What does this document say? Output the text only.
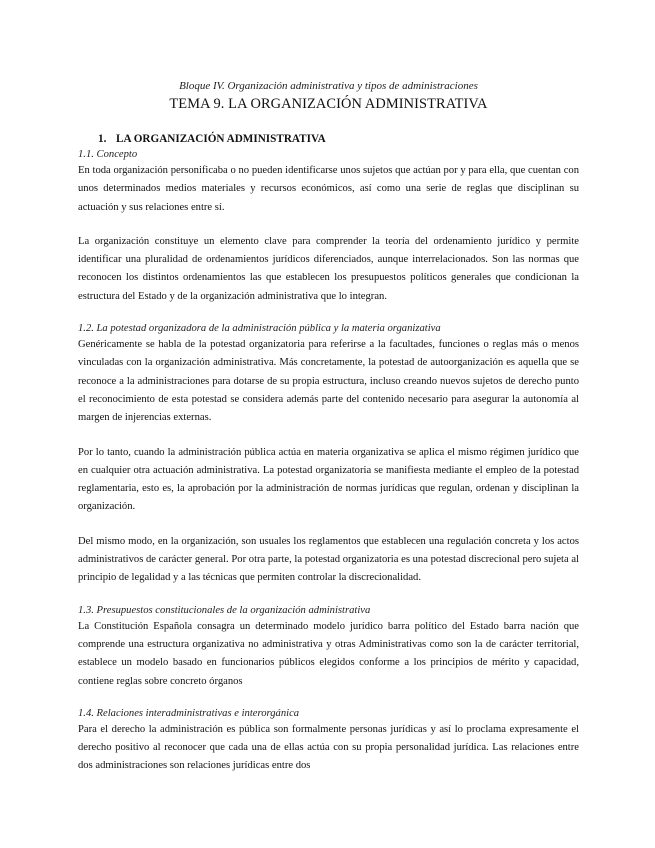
Bloque IV. Organización administrativa y tipos de administraciones
TEMA 9. LA ORGANIZACIÓN ADMINISTRATIVA
1. LA ORGANIZACIÓN ADMINISTRATIVA
1.1. Concepto

En toda organización personificaba o no pueden identificarse unos sujetos que actúan por y para ella, que cuentan con unos determinados medios materiales y recursos económicos, así como una serie de reglas que disciplinan su actuación y sus relaciones entre sí.

La organización constituye un elemento clave para comprender la teoría del ordenamiento jurídico y permite identificar una pluralidad de ordenamientos jurídicos diferenciados, aunque interrelacionados. Son las normas que reconocen los distintos ordenamientos las que establecen los presupuestos políticos generales que condicionan la estructura del Estado y de la organización administrativa que lo integran.

1.2. La potestad organizadora de la administración pública y la materia organizativa

Genéricamente se habla de la potestad organizatoria para referirse a la facultades, funciones o reglas más o menos vinculadas con la organización administrativa. Más concretamente, la potestad de autoorganización es aquella que se reconoce a la administraciones para dotarse de su propia estructura, incluso creando nuevos sujetos de derecho punto el reconocimiento de esta potestad se considera además parte del contenido necesario para asegurar la autonomía al margen de injerencias externas.

Por lo tanto, cuando la administración pública actúa en materia organizativa se aplica el mismo régimen jurídico que en cualquier otra actuación administrativa. La potestad organizatoria se manifiesta mediante el empleo de la potestad reglamentaria, esto es, la aprobación por la administración de normas jurídicas que regulan, ordenan y disciplinan la organización.

Del mismo modo, en la organización, son usuales los reglamentos que establecen una regulación concreta y los actos administrativos de carácter general. Por otra parte, la potestad organizatoria es una potestad discrecional pero sujeta al principio de legalidad y a las técnicas que permiten controlar la discrecionalidad.

1.3. Presupuestos constitucionales de la organización administrativa

La Constitución Española consagra un determinado modelo jurídico barra político del Estado barra nación que comprende una estructura organizativa no administrativa y otras Administrativas como son la de carácter territorial, establece un modelo basado en funcionarios públicos elegidos conforme a los principios de mérito y capacidad, contiene reglas sobre concreto órganos

1.4. Relaciones interadministrativas e interorgánica

Para el derecho la administración es pública son formalmente personas jurídicas y así lo proclama expresamente el derecho positivo al reconocer que cada una de ellas actúa con su propia personalidad jurídica. Las relaciones entre dos administraciones son relaciones jurídicas entre dos
